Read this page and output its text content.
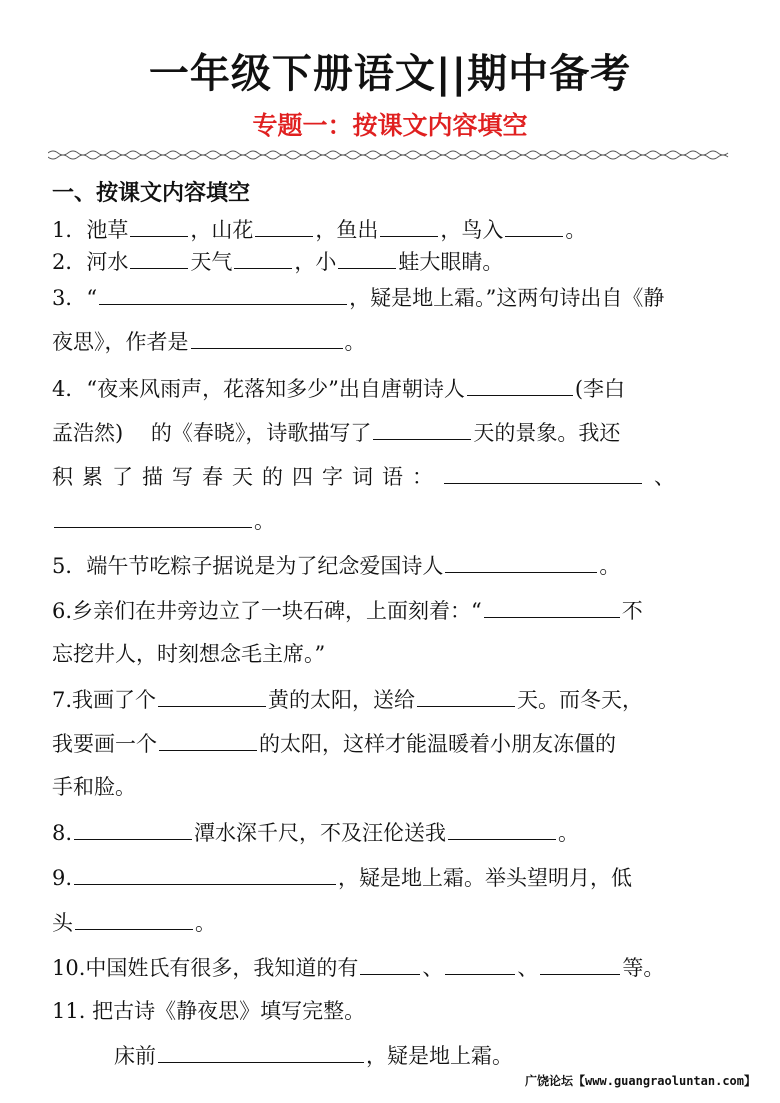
一年级下册语文||期中备考
专题一：按课文内容填空
一、按课文内容填空
1．池草	，山花	，鱼出	，鸟入	。
2．河水	天气	，小	蛙大眼睛。
3．“	，疑是地上霜。”这两句诗出自《静
夜思》，作者是	。
4．“夜来风雨声，花落知多少”出自唐朝诗人	(李白
孟浩然)　 的《春晓》，诗歌描写了	天的景象。我还
积累了描写春天的四字词语：	、
。
5．端午节吃粽子据说是为了纪念爱国诗人	。
6.乡亲们在井旁边立了一块石碑，上面刻着：“	不
忘挖井人，时刻想念毛主席。”
7.我画了个	黄的太阳，送给	天。而冬天，
我要画一个	的太阳，这样才能温暖着小朋友冻僵的
手和脸。
8.	潭水深千尺，不及汪伦送我	。
9.	，疑是地上霜。举头望明月，低
头	。
10.中国姓氏有很多，我知道的有	、	、	等。
11. 把古诗《静夜思》填写完整。
床前	，疑是地上霜。
广饶论坛【www.guangraoluntan.com】
